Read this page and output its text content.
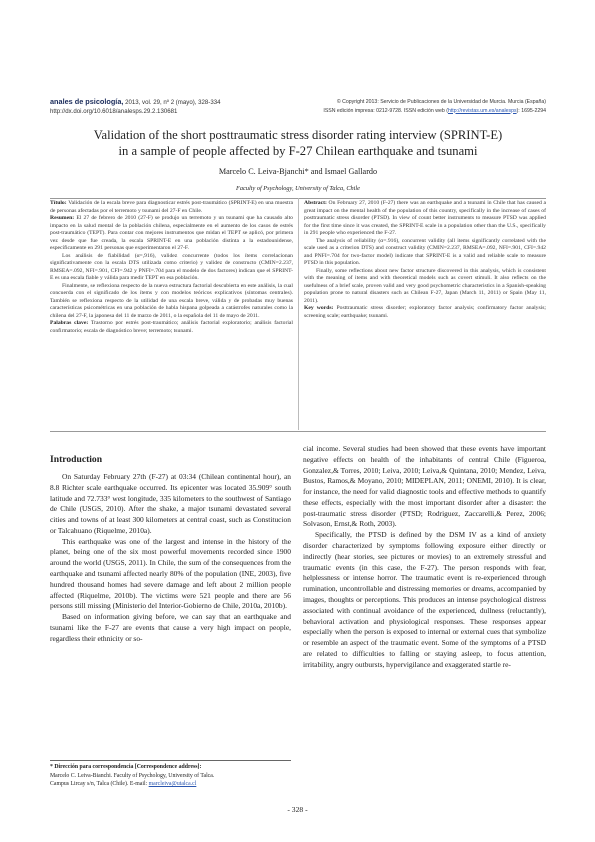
anales de psicología, 2013, vol. 29, nº 2 (mayo), 328-334
http://dx.doi.org/10.6018/analesps.29.2.130681
© Copyright 2013: Servicio de Publicaciones de la Universidad de Murcia. Murcia (España)
ISSN edición impresa: 0212-9728. ISSN edición web (http://revistas.um.es/analesps): 1695-2294
Validation of the short posttraumatic stress disorder rating interview (SPRINT-E)
in a sample of people affected by F-27 Chilean earthquake and tsunami
Marcelo C. Leiva-Bjanchi* and Ismael Gallardo
Faculty of Psychology, University of Talca, Chile

Título: Validación de la escala breve para diagnosticar estrés post-traumático (SPRINT-E) en una muestra de personas afectadas por el terremoto y tsunami del 27-F en Chile.

Resumen: El 27 de febrero de 2010 (27-F) se produjo un terremoto y un tsunami que ha causado alto impacto en la salud mental de la población chilena, especialmente en el aumento de los casos de estrés post-traumático (TEPT). Para contar con mejores instrumentos que midan el TEPT se aplicó, por primera vez desde que fue creada, la escala SPRINT-E en una población distinta a la estadounidense, específicamente en 291 personas que experimentaron el 27-F.

Los análisis de fiabilidad (α=,916), validez concurrente (todos los ítems correlacionan significativamente con la escala DTS utilizada como criterio) y validez de constructo (CMIN=2.237, RMSEA=.092, NFI=.901, CFI=.942 y PNFI=.704 para el modelo de dos factores) indican que el SPRINT-E es una escala fiable y válida para medir TEPT en esa población.

Finalmente, se reflexiona respecto de la nueva estructura factorial descubierta en este análisis, la cual concuerda con el significado de los ítems y con modelos teóricos explicativos (síntomas centrales). También se reflexiona respecto de la utilidad de una escala breve, válida y de probadas muy buenas características psicométricas en una población de habla hispana golpeada a catástrofes naturales como la chilena del 27-F, la japonesa del 11 de marzo de 2011, o la española del 11 de mayo de 2011.

Palabras clave: Trastorno por estrés post-traumático; análisis factorial exploratorio; análisis factorial confirmatorio; escala de diagnóstico breve; terremoto; tsunami.

Abstract: On February 27, 2010 (F-27) there was an earthquake and a tsunami in Chile that has caused a great impact on the mental health of the population of this country, specifically in the increase of cases of posttraumatic stress disorder (PTSD). In view of count better instruments to measure PTSD was applied for the first time since it was created, the SPRINT-E scale in a population other than the U.S., specifically in 291 people who experienced the F-27.

The analysis of reliability (α=.916), concurrent validity (all items significantly correlated with the scale used as a criterion DTS) and construct validity (CMIN=2.237, RMSEA=.092, NFI=.901, CFI=.942 and PNFI=.704 for two-factor model) indicate that SPRINT-E is a valid and reliable scale to measure PTSD in this population.

Finally, some reflections about new factor structure discovered in this analysis, which is consistent with the meaning of items and with theoretical models such as covert stimuli. It also reflects on the usefulness of a brief scale, proven valid and very good psychometric characteristics in a Spanish-speaking population prone to natural disasters such as Chilean F-27, Japan (March 11, 2011) or Spain (May 11, 2011).

Key words: Posttraumatic stress disorder; exploratory factor analysis; confirmatory factor analysis; screening scale; earthquake; tsunami.

Introduction

On Saturday February 27th (F-27) at 03:34 (Chilean continental hour), an 8.8 Richter scale earthquake occurred. Its epicenter was located 35.909° south latitude and 72.733° west longitude, 335 kilometers to the southwest of Santiago de Chile (USGS, 2010). After the shake, a major tsunami devastated several cities and towns of at least 300 kilometers at central coast, such as Constitucion or Talcahuano (Riquelme, 2010a).

This earthquake was one of the largest and intense in the history of the planet, being one of the six most powerful movements recorded since 1900 around the world (USGS, 2011). In Chile, the sum of the consequences from the earthquake and tsunami affected nearly 80% of the population (INE, 2003), five hundred thousand homes had severe damage and left about 2 million people affected (Riquelme, 2010b). The victims were 521 people and there are 56 persons still missing (Ministerio del Interior-Gobierno de Chile, 2010a, 2010b).

Based on information giving before, we can say that an earthquake and tsunami like the F-27 are events that cause a very high impact on people, regardless their ethnicity or so-

cial income. Several studies had been showed that these events have important negative effects on health of the inhabitants of central Chile (Figueroa, Gonzalez,& Torres, 2010; Leiva, 2010; Leiva,& Quintana, 2010; Mendez, Leiva, Bustos, Ramos,& Moyano, 2010; MIDEPLAN, 2011; ONEMI, 2010). It is clear, for instance, the need for valid diagnostic tools and effective methods to quantify these effects, especially with the most important disorder after a disaster: the post-traumatic stress disorder (PTSD; Rodriguez, Zaccarelli,& Perez, 2006; Solvason, Ernst,& Roth, 2003).

Specifically, the PTSD is defined by the DSM IV as a kind of anxiety disorder characterized by symptoms following exposure either directly or indirectly (hear stories, see pictures or movies) to an extremely stressful and traumatic events (in this case, the F-27). The person responds with fear, helplessness or intense horror. The traumatic event is re-experienced through rumination, uncontrollable and distressing memories or dreams, accompanied by images, thoughts or perceptions. This produces an intense psychological distress associated with continual avoidance of the experienced, dullness (reluctantly), behavioral activation and physiological responses. These responses appear especially when the person is exposed to internal or external cues that symbolize or resemble an aspect of the traumatic event. Some of the symptoms of a PTSD are related to difficulties to falling or staying asleep, to focus attention, irritability, angry outbursts, hypervigilance and exaggerated startle re-

* Dirección para correspondencia [Correspondence address]:
Marcelo C. Leiva-Bianchi. Faculty of Psychology, University of Talca.
Campus Lircay s/n, Talca (Chile). E-mail: marcleiva@utalca.cl
- 328 -
